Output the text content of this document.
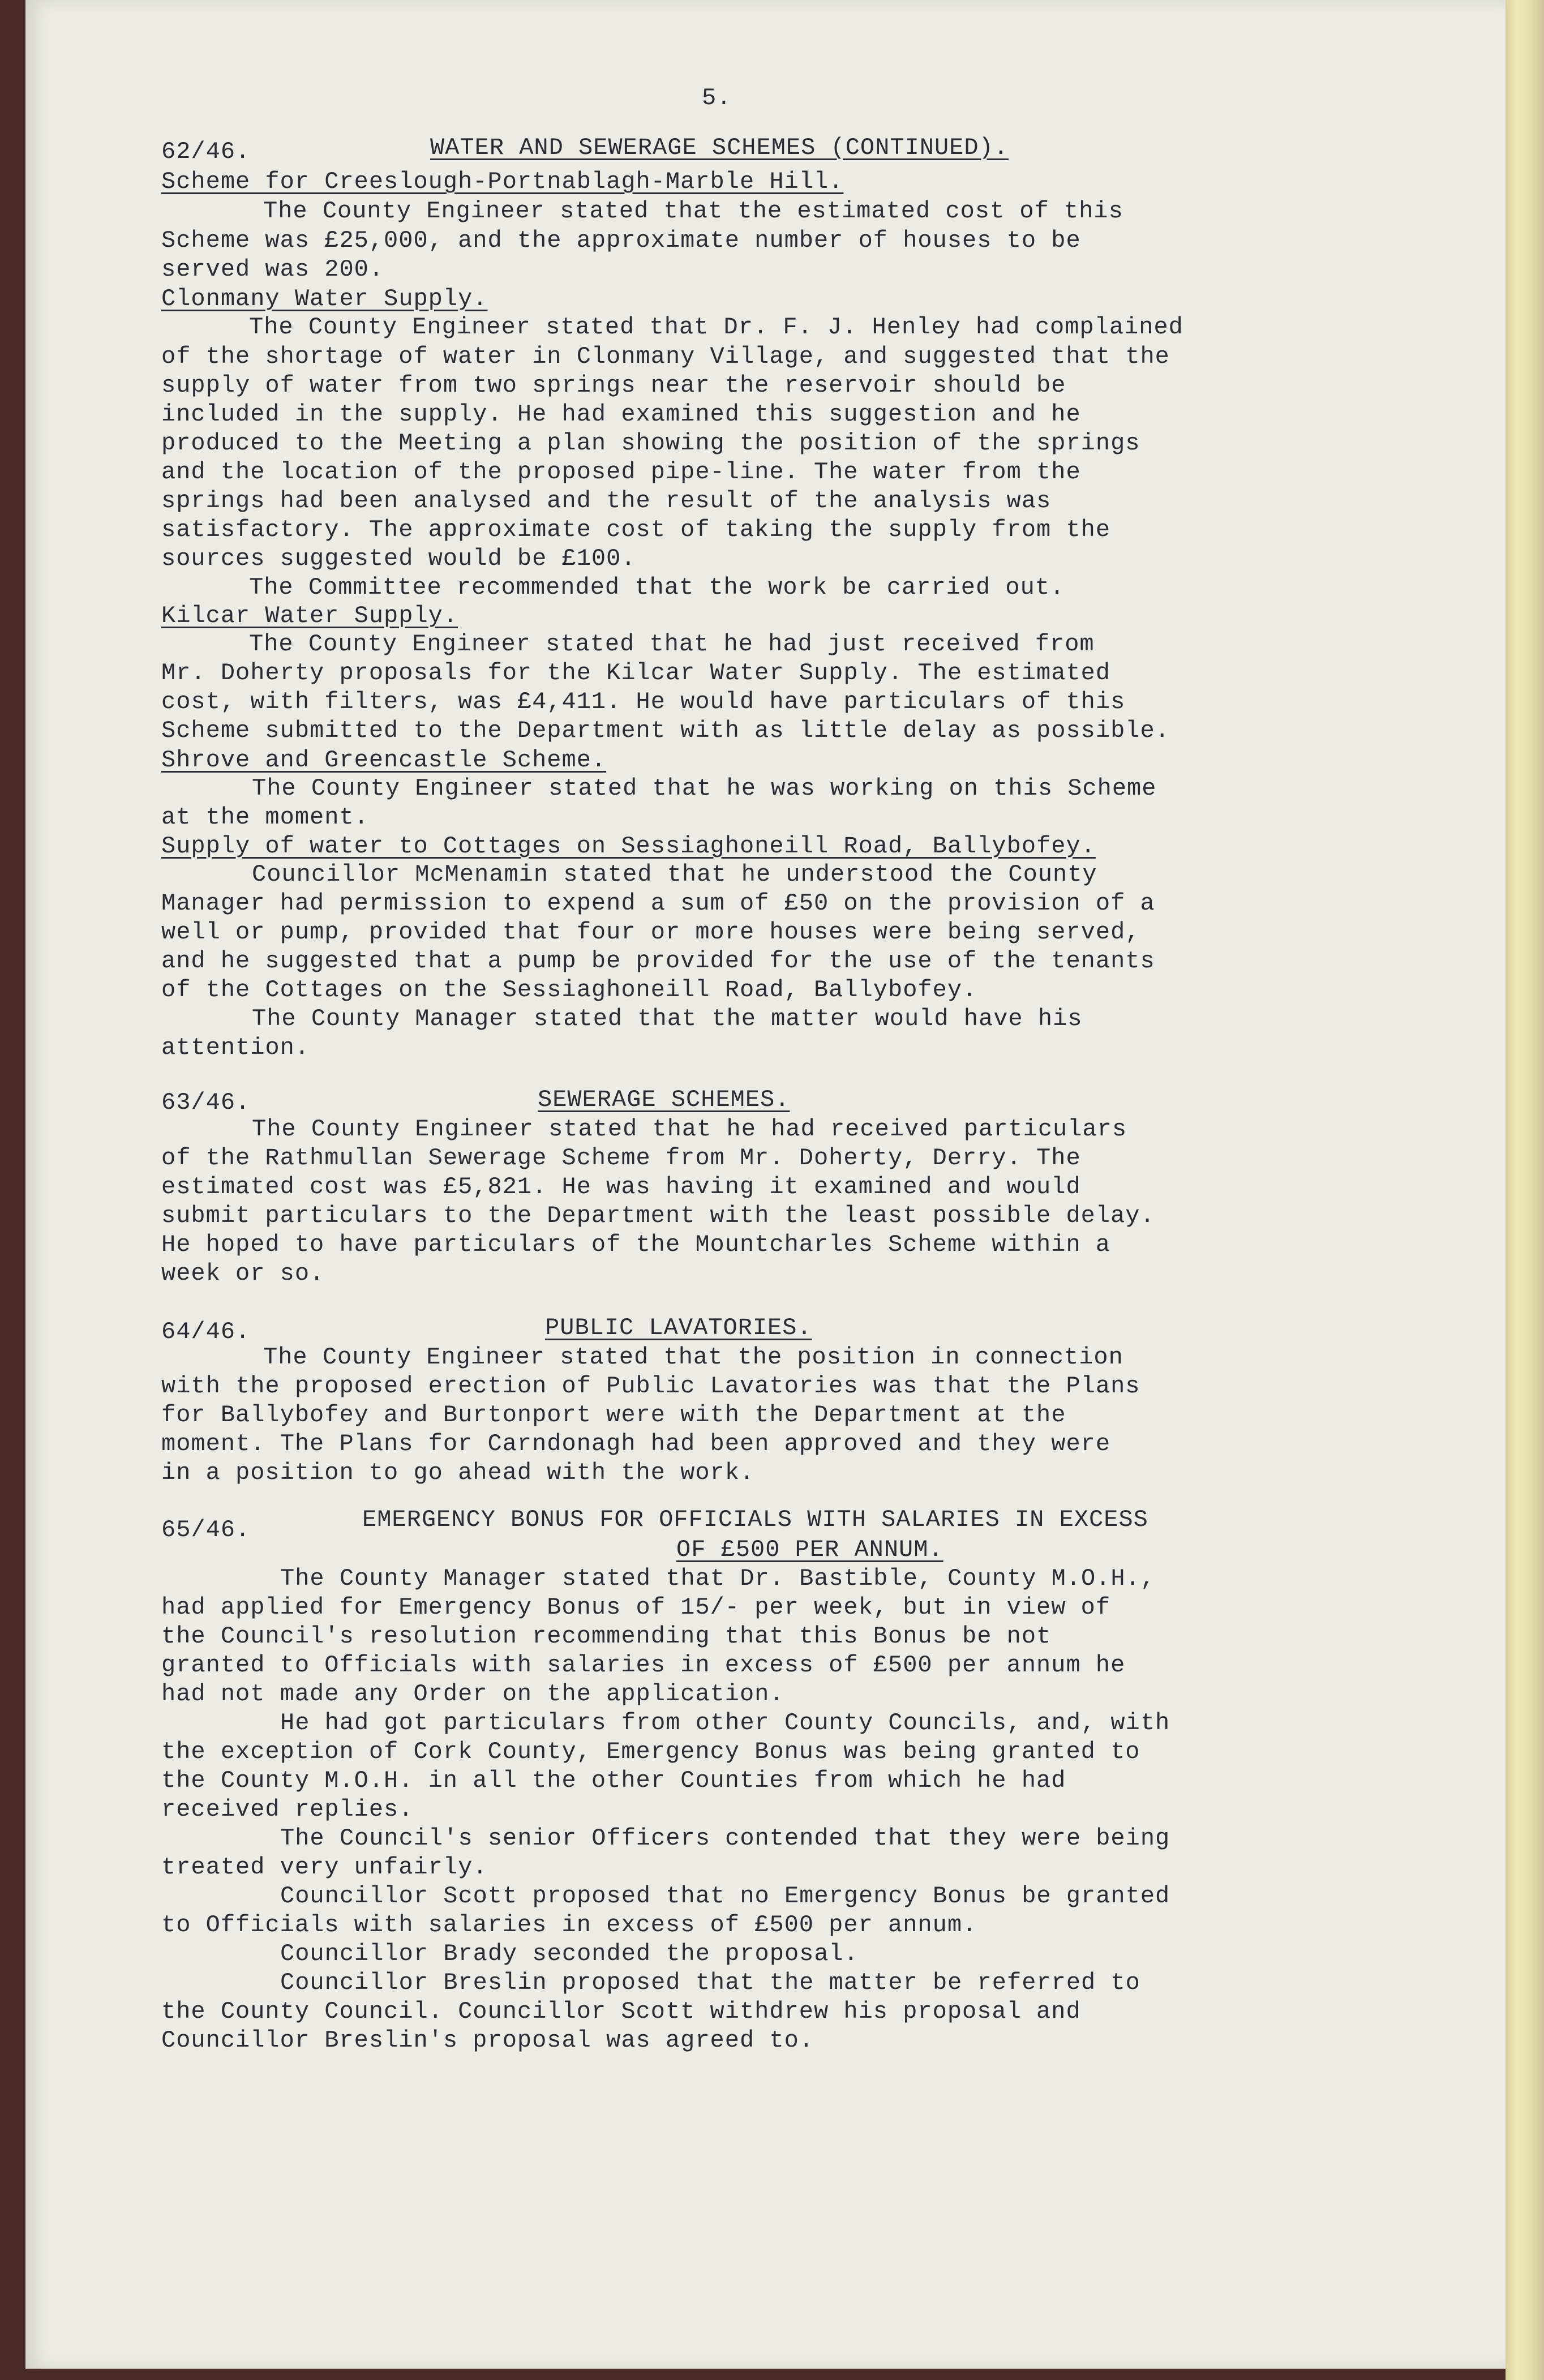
5.
62/46.	WATER AND SEWERAGE SCHEMES (CONTINUED).
Scheme for Creeslough-Portnablagh-Marble Hill.
The County Engineer stated that the estimated cost of this
Scheme was £25,000, and the approximate number of houses to be
served was 200.
Clonmany Water Supply.
The County Engineer stated that Dr. F. J. Henley had complained
of the shortage of water in Clonmany Village, and suggested that the
supply of water from two springs near the reservoir should be
included in the supply. He had examined this suggestion and he
produced to the Meeting a plan showing the position of the springs
and the location of the proposed pipe-line. The water from the
springs had been analysed and the result of the analysis was
satisfactory. The approximate cost of taking the supply from the
sources suggested would be £100.
The Committee recommended that the work be carried out.
Kilcar Water Supply.
The County Engineer stated that he had just received from
Mr. Doherty proposals for the Kilcar Water Supply. The estimated
cost, with filters, was £4,411. He would have particulars of this
Scheme submitted to the Department with as little delay as possible.
Shrove and Greencastle Scheme.
The County Engineer stated that he was working on this Scheme
at the moment.
Supply of water to Cottages on Sessiaghoneill Road, Ballybofey.
Councillor McMenamin stated that he understood the County
Manager had permission to expend a sum of £50 on the provision of a
well or pump, provided that four or more houses were being served,
and he suggested that a pump be provided for the use of the tenants
of the Cottages on the Sessiaghoneill Road, Ballybofey.
The County Manager stated that the matter would have his
attention.
63/46.	SEWERAGE SCHEMES.
The County Engineer stated that he had received particulars
of the Rathmullan Sewerage Scheme from Mr. Doherty, Derry. The
estimated cost was £5,821. He was having it examined and would
submit particulars to the Department with the least possible delay.
He hoped to have particulars of the Mountcharles Scheme within a
week or so.
64/46.	PUBLIC LAVATORIES.
The County Engineer stated that the position in connection
with the proposed erection of Public Lavatories was that the Plans
for Ballybofey and Burtonport were with the Department at the
moment. The Plans for Carndonagh had been approved and they were
in a position to go ahead with the work.
65/46.	EMERGENCY BONUS FOR OFFICIALS WITH SALARIES IN EXCESS
OF £500 PER ANNUM.
The County Manager stated that Dr. Bastible, County M.O.H.,
had applied for Emergency Bonus of 15/- per week, but in view of
the Council's resolution recommending that this Bonus be not
granted to Officials with salaries in excess of £500 per annum he
had not made any Order on the application.
He had got particulars from other County Councils, and, with
the exception of Cork County, Emergency Bonus was being granted to
the County M.O.H. in all the other Counties from which he had
received replies.
The Council's senior Officers contended that they were being
treated very unfairly.
Councillor Scott proposed that no Emergency Bonus be granted
to Officials with salaries in excess of £500 per annum.
Councillor Brady seconded the proposal.
Councillor Breslin proposed that the matter be referred to
the County Council. Councillor Scott withdrew his proposal and
Councillor Breslin's proposal was agreed to.
